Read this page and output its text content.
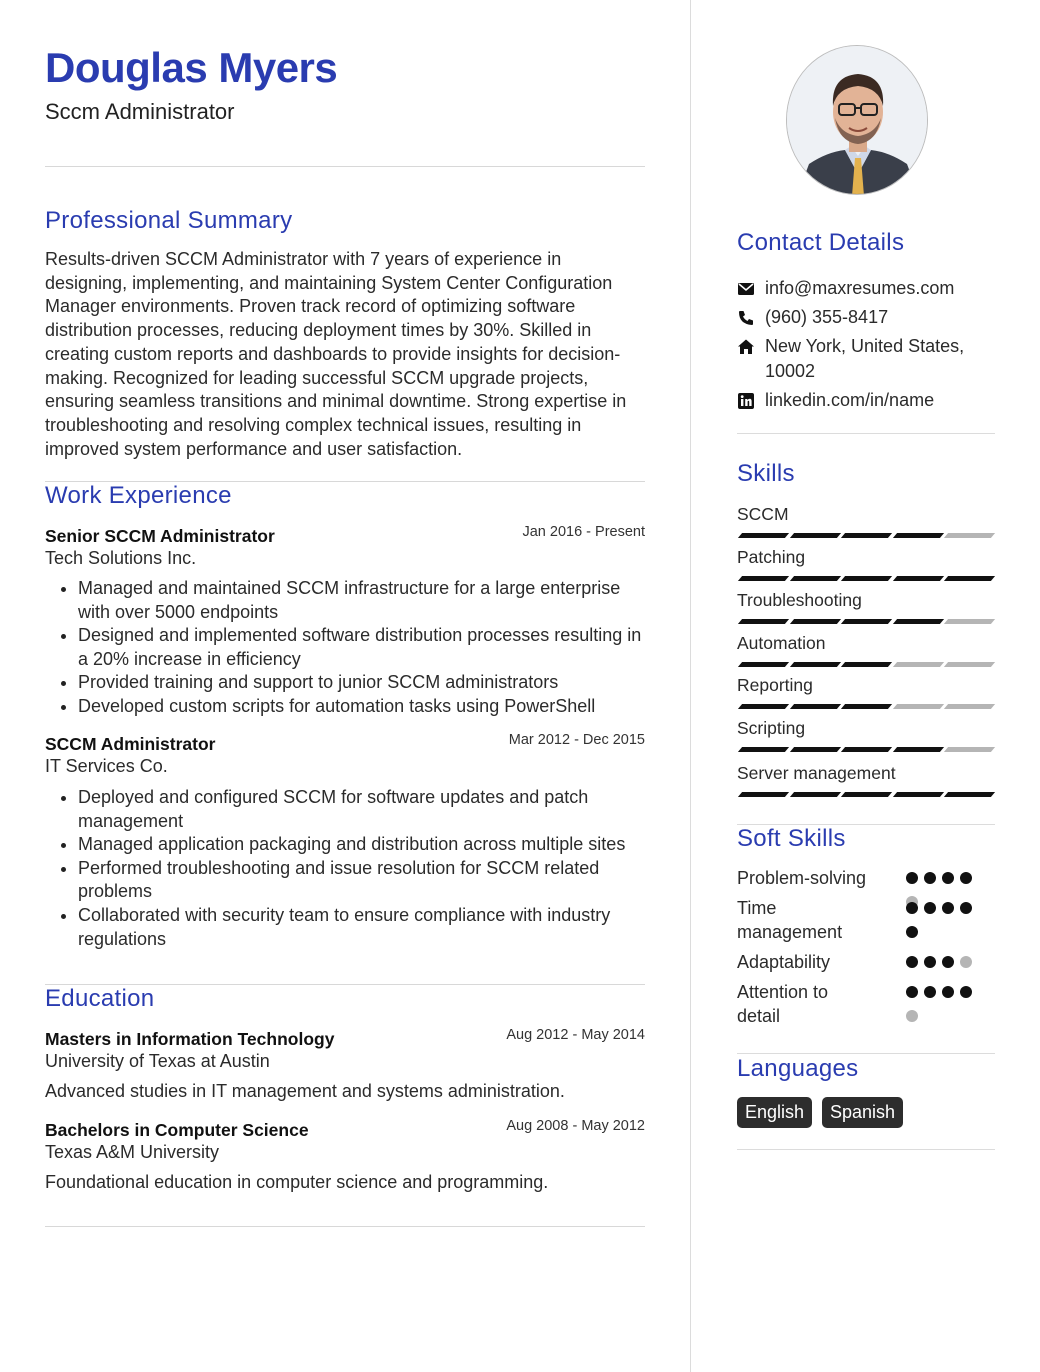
Douglas Myers
Sccm Administrator
Professional Summary
Results-driven SCCM Administrator with 7 years of experience in designing, implementing, and maintaining System Center Configuration Manager environments. Proven track record of optimizing software distribution processes, reducing deployment times by 30%. Skilled in creating custom reports and dashboards to provide insights for decision-making. Recognized for leading successful SCCM upgrade projects, ensuring seamless transitions and minimal downtime. Strong expertise in troubleshooting and resolving complex technical issues, resulting in improved system performance and user satisfaction.
Work Experience
Senior SCCM Administrator	Jan 2016 - Present
Tech Solutions Inc.
Managed and maintained SCCM infrastructure for a large enterprise with over 5000 endpoints
Designed and implemented software distribution processes resulting in a 20% increase in efficiency
Provided training and support to junior SCCM administrators
Developed custom scripts for automation tasks using PowerShell
SCCM Administrator	Mar 2012 - Dec 2015
IT Services Co.
Deployed and configured SCCM for software updates and patch management
Managed application packaging and distribution across multiple sites
Performed troubleshooting and issue resolution for SCCM related problems
Collaborated with security team to ensure compliance with industry regulations
Education
Masters in Information Technology	Aug 2012 - May 2014
University of Texas at Austin
Advanced studies in IT management and systems administration.
Bachelors in Computer Science	Aug 2008 - May 2012
Texas A&M University
Foundational education in computer science and programming.
Contact Details
info@maxresumes.com
(960) 355-8417
New York, United States, 10002
linkedin.com/in/name
Skills
SCCM
Patching
Troubleshooting
Automation
Reporting
Scripting
Server management
Soft Skills
Problem-solving
Time management
Adaptability
Attention to detail
Languages
English	Spanish
